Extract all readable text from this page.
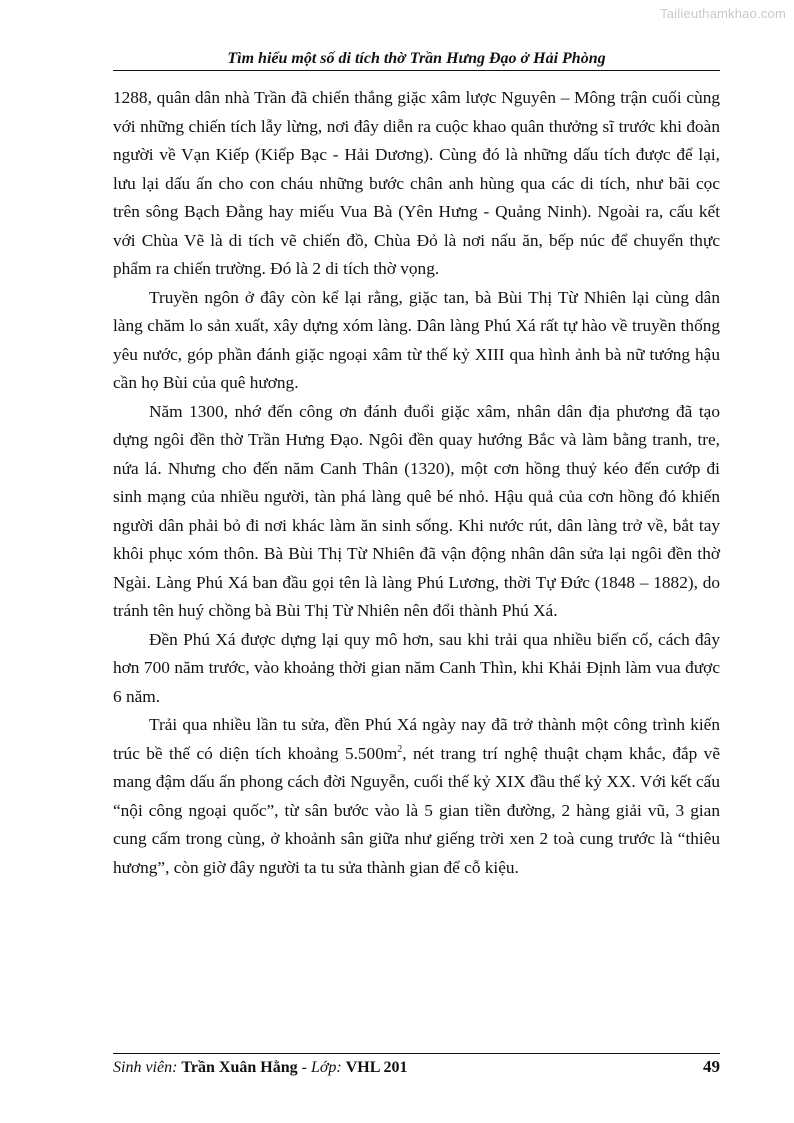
Tailieuthamkhao.com
Tìm hiểu một số di tích thờ Trần Hưng Đạo ở Hải Phòng

1288, quân dân nhà Trần đã chiến thắng giặc xâm lược Nguyên – Mông trận cuối cùng với những chiến tích lẫy lừng, nơi đây diễn ra cuộc khao quân thưởng sĩ trước khi đoàn người về Vạn Kiếp (Kiếp Bạc - Hải Dương). Cùng đó là những dấu tích được để lại, lưu lại dấu ấn cho con cháu những bước chân anh hùng qua các di tích, như bãi cọc trên sông Bạch Đằng hay miếu Vua Bà (Yên Hưng - Quảng Ninh). Ngoài ra, cấu kết với Chùa Vẽ là di tích vẽ chiến đồ, Chùa Đỏ là nơi nấu ăn, bếp núc để chuyển thực phẩm ra chiến trường. Đó là 2 di tích thờ vọng.

Truyền ngôn ở đây còn kể lại rằng, giặc tan, bà Bùi Thị Từ Nhiên lại cùng dân làng chăm lo sản xuất, xây dựng xóm làng. Dân làng Phú Xá rất tự hào về truyền thống yêu nước, góp phần đánh giặc ngoại xâm từ thế kỷ XIII qua hình ảnh bà nữ tướng hậu cần họ Bùi của quê hương.

Năm 1300, nhớ đến công ơn đánh đuổi giặc xâm, nhân dân địa phương đã tạo dựng ngôi đền thờ Trần Hưng Đạo. Ngôi đền quay hướng Bắc và làm bằng tranh, tre, nứa lá. Nhưng cho đến năm Canh Thân (1320), một cơn hồng thuỷ kéo đến cướp đi sinh mạng của nhiều người, tàn phá làng quê bé nhỏ. Hậu quả của cơn hồng đó khiến người dân phải bỏ đi nơi khác làm ăn sinh sống. Khi nước rút, dân làng trở về, bắt tay khôi phục xóm thôn. Bà Bùi Thị Từ Nhiên đã vận động nhân dân sửa lại ngôi đền thờ Ngài. Làng Phú Xá ban đầu gọi tên là làng Phú Lương, thời Tự Đức (1848 – 1882), do tránh tên huý chồng bà Bùi Thị Từ Nhiên nên đổi thành Phú Xá.

Đền Phú Xá được dựng lại quy mô hơn, sau khi trải qua nhiều biến cố, cách đây hơn 700 năm trước, vào khoảng thời gian năm Canh Thìn, khi Khải Định làm vua được 6 năm.

Trải qua nhiều lần tu sửa, đền Phú Xá ngày nay đã trở thành một công trình kiến trúc bề thế có diện tích khoảng $5.500m^2$, nét trang trí nghệ thuật chạm khắc, đắp vẽ mang đậm dấu ấn phong cách đời Nguyễn, cuối thế kỷ XIX đầu thế kỷ XX. Với kết cấu “nội công ngoại quốc”, từ sân bước vào là 5 gian tiền đường, 2 hàng giải vũ, 3 gian cung cấm trong cùng, ở khoảnh sân giữa như giếng trời xen 2 toà cung trước là “thiêu hương”, còn giờ đây người ta tu sửa thành gian để cỗ kiệu.

Sinh viên: Trần Xuân Hằng - Lớp: VHL 201	49
